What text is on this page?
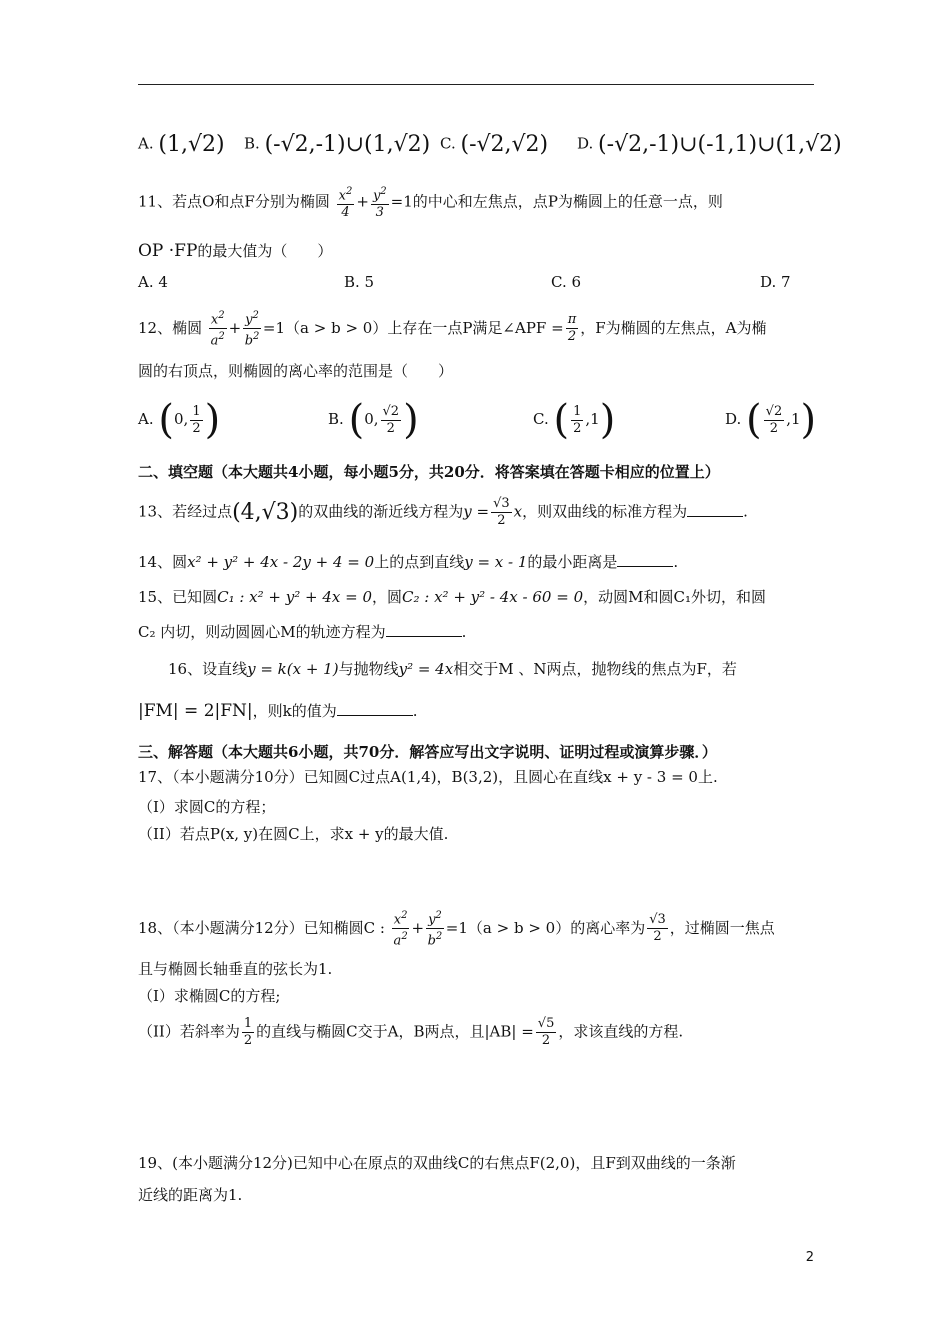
A. (1,√2) B. (-√2,-1)∪(1,√2) C. (-√2,√2) D. (-√2,-1)∪(-1,1)∪(1,√2)
11、若点O和点F分别为椭圆 $\frac{x^2}{4} + \frac{y^2}{3} =1$的中心和左焦点，点P为椭圆上的任意一点，则
OP ·FP的最大值为（　　）
A. 4	B. 5	C. 6	D. 7
12、椭圆 $\frac{x^2}{a^2} + \frac{y^2}{b^2} =1(a > b > 0)$上存在一点P满足∠APF = $\frac{\pi}{2}$ ，F为椭圆的左焦点，A为椭
圆的右顶点，则椭圆的离心率的范围是（　　）
A. (0, $\frac{1}{2}$ )	B. (0, $\frac{√2}{2}$ )	C. ( $\frac{1}{2} ,1$)	D. ( $\frac{√2}{2} ,1$)
二、填空题（本大题共4小题，每小题5分，共20分．将答案填在答题卡相应的位置上）
13、若经过点(4,√3)的双曲线的渐近线方程为$y = \frac{√3}{2}$ x，则双曲线的标准方程为	.
14、圆x² + y² + 4x - 2y + 4 = 0上的点到直线y = x - 1的最小距离是	.
15、已知圆C₁ : x² + y² + 4x = 0，圆C₂ : x² + y² - 4x - 60 = 0，动圆M和圆C₁外切，和圆
C₂ 内切，则动圆圆心M的轨迹方程为	.
16、设直线y = k(x + 1)与抛物线y² = 4x相交于M 、N两点，抛物线的焦点为F，若
|FM| = 2|FN|，则k的值为	.
三、解答题（本大题共6小题，共70分．解答应写出文字说明、证明过程或演算步骤．）
17、（本小题满分10分）已知圆C过点A(1,4)，B(3,2)，且圆心在直线x + y - 3 = 0上.
（I）求圆C的方程；
（II）若点P(x, y)在圆C上，求x + y的最大值.
18、（本小题满分12分）已知椭圆C : $\frac{x^2}{a^2} + \frac{y^2}{b^2} =1(a > b > 0)$的离心率为 $\frac{√3}{2}$ ，过椭圆一焦点
且与椭圆长轴垂直的弦长为1.
（I）求椭圆C的方程;
（II）若斜率为 $\frac{1}{2}$ 的直线与椭圆C交于A，B两点，且$|AB| = \frac{√5}{2}$ ，求该直线的方程.
19、(本小题满分12分)已知中心在原点的双曲线C的右焦点F(2,0)，且F到双曲线的一条渐
近线的距离为1.
2
